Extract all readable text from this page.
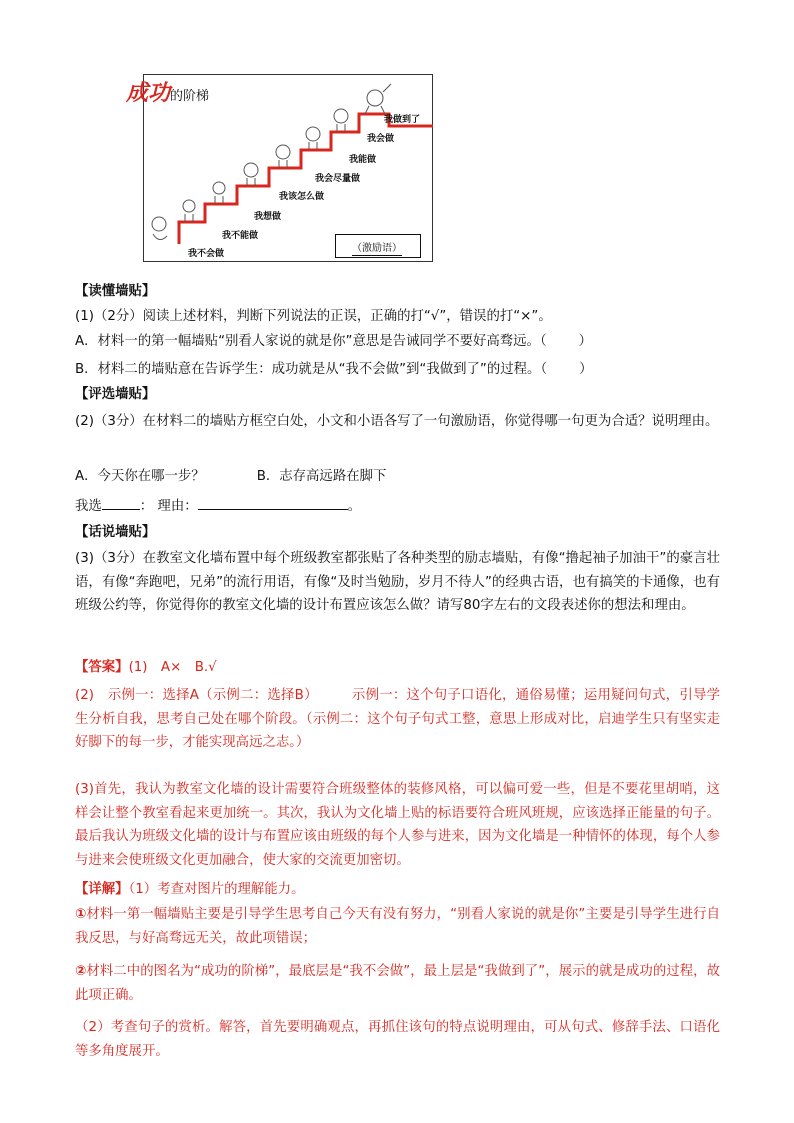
成功的阶梯
我不会做
我不能做
我想做
我该怎么做
我会尽量做
我能做
我会做
我做到了
（激励语）
【读懂墙贴】
(1)（2分）阅读上述材料，判断下列说法的正误，正确的打“√”，错误的打“×”。
A．材料一的第一幅墙贴“别看人家说的就是你”意思是告诫同学不要好高骛远。（ ）
B．材料二的墙贴意在告诉学生：成功就是从“我不会做”到“我做到了”的过程。（ ）
【评选墙贴】
(2)（3分）在材料二的墙贴方框空白处，小文和小语各写了一句激励语，你觉得哪一句更为合适？说明理由。
A．今天你在哪一步？	B．志存高远路在脚下
我选	： 理由：	。
【话说墙贴】
(3)（3分）在教室文化墙布置中每个班级教室都张贴了各种类型的励志墙贴，有像“撸起袖子加油干”的豪言壮语，有像“奔跑吧，兄弟”的流行用语，有像“及时当勉励，岁月不待人”的经典古语，也有搞笑的卡通像，也有班级公约等，你觉得你的教室文化墙的设计布置应该怎么做？请写80字左右的文段表述你的想法和理由。
【答案】(1)　A×　B.√
(2)　示例一：选择A（示例二：选择B）　　　示例一：这个句子口语化，通俗易懂；运用疑问句式，引导学生分析自我，思考自己处在哪个阶段。（示例二：这个句子句式工整，意思上形成对比，启迪学生只有坚实走好脚下的每一步，才能实现高远之志。）
(3)首先，我认为教室文化墙的设计需要符合班级整体的装修风格，可以偏可爱一些，但是不要花里胡哨，这样会让整个教室看起来更加统一。其次，我认为文化墙上贴的标语要符合班风班规，应该选择正能量的句子。最后我认为班级文化墙的设计与布置应该由班级的每个人参与进来，因为文化墙是一种情怀的体现，每个人参与进来会使班级文化更加融合，使大家的交流更加密切。
【详解】（1）考查对图片的理解能力。
①材料一第一幅墙贴主要是引导学生思考自己今天有没有努力，“别看人家说的就是你”主要是引导学生进行自我反思，与好高骛远无关，故此项错误；
②材料二中的图名为“成功的阶梯”，最底层是“我不会做”，最上层是“我做到了”，展示的就是成功的过程，故此项正确。
（2）考查句子的赏析。解答，首先要明确观点，再抓住该句的特点说明理由，可从句式、修辞手法、口语化等多角度展开。
